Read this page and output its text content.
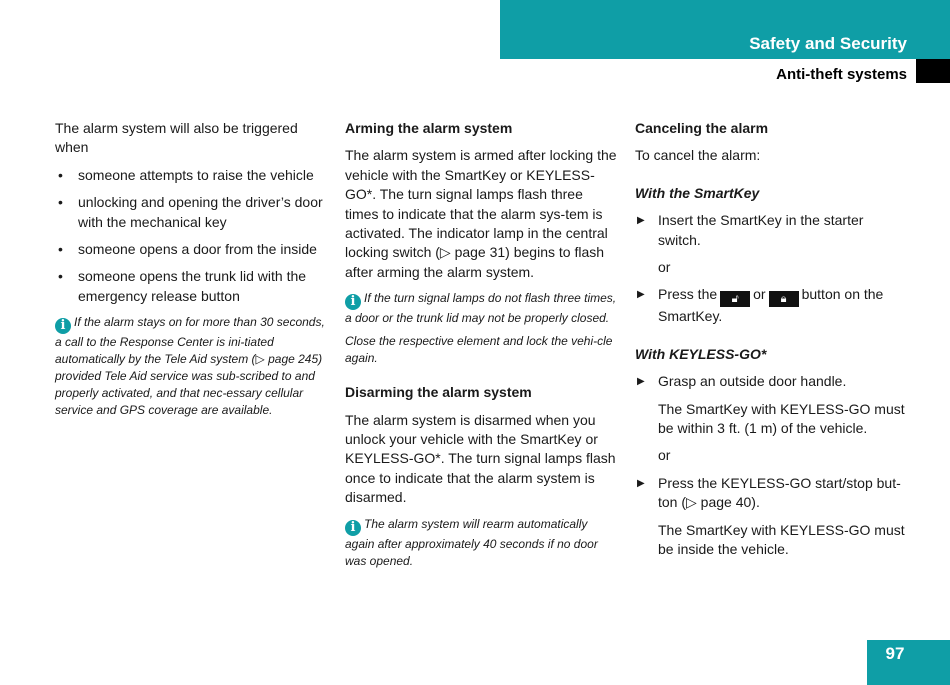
Safety and Security
Anti-theft systems

The alarm system will also be triggered when

• someone attempts to raise the vehicle
• unlocking and opening the driver’s door with the mechanical key
• someone opens a door from the inside
• someone opens the trunk lid with the emergency release button

i If the alarm stays on for more than 30 seconds, a call to the Response Center is ini-tiated automatically by the Tele Aid system (▷ page 245) provided Tele Aid service was sub-scribed to and properly activated, and that nec-essary cellular service and GPS coverage are available.

Arming the alarm system

The alarm system is armed after locking the vehicle with the SmartKey or KEYLESS-GO*. The turn signal lamps flash three times to indicate that the alarm sys-tem is activated. The indicator lamp in the central locking switch (▷ page 31) begins to flash after arming the alarm system.

i If the turn signal lamps do not flash three times, a door or the trunk lid may not be properly closed.

Close the respective element and lock the vehi-cle again.

Disarming the alarm system

The alarm system is disarmed when you unlock your vehicle with the SmartKey or KEYLESS-GO*. The turn signal lamps flash once to indicate that the alarm system is disarmed.

i The alarm system will rearm automatically again after approximately 40 seconds if no door was opened.

Canceling the alarm

To cancel the alarm:

With the SmartKey
▶ Insert the SmartKey in the starter switch.
or
▶ Press the 🔓︎ or 🔒︎ button on the SmartKey.
With KEYLESS-GO*
▶ Grasp an outside door handle.
The SmartKey with KEYLESS-GO must be within 3 ft. (1 m) of the vehicle.
or
▶ Press the KEYLESS-GO start/stop but-ton (▷ page 40).
The SmartKey with KEYLESS-GO must be inside the vehicle.
97
